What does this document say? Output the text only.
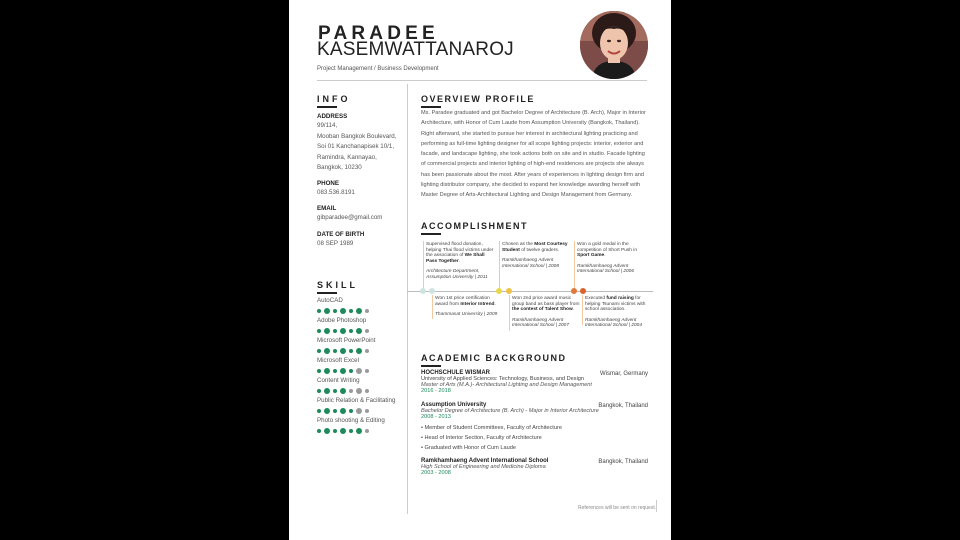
PARADEE
KASEMWATTANAROJ
Project Management / Business Development
INFO
ADDRESS
99/114,
Mooban Bangkok Boulevard,
Soi 01 Kanchanapisek 10/1,
Ramindra, Kannayao,
Bangkok, 10230
PHONE
083.536.8191
EMAIL
gibparadee@gmail.com
DATE OF BIRTH
08 SEP 1989
SKILL
AutoCAD
Adobe Photoshop
Microsoft PowerPoint
Microsoft Excel
Content Writing
Public Relation & Facilitating
Photo shooting & Editing
OVERVIEW PROFILE
Ms. Paradee graduated and got Bachelor Degree of Architecture (B. Arch), Major in Interior Architecture, with Honor of Cum Laude from Assumption University (Bangkok, Thailand). Right afterward, she started to pursue her interest in architectural lighting practicing and performing as full-time lighting designer for all scope lighting projects: interior, exterior and facade, and landscape lighting, she took actions both on site and in studio. Facade lighting of commercial projects and interior lighting of high-end residences are projects she always has been passionate about the most. After years of experiences in lighting design firm and lighting distributor company, she decided to expand her knowledge awarding herself with Master Degree of Arts-Architectural Lighting and Design Management from Germany.
ACCOMPLISHMENT
Supervised flood donation, helping Thai flood victims under the association of We Shall Pass Together.
Architecture Department, Assumption University | 2011
Chosen as the Most Courtesy Student of twelve graders.
Ramkhamhaeng Advent International School | 2008
Won a gold medal in the competition of Short Push in Sport Game.
Ramkhamhaeng Advent International School | 2006
Won 1st price certification award from Interior Intrend.
Thammasat University | 2009
Won 2nd price award music group band as bass player from the contest of Talent Show.
Ramkhamhaeng Advent International School | 2007
Executed fund raising for helping Tsunami victims with school association.
Ramkhamhaeng Advent International School | 2004
ACADEMIC BACKGROUND
Wismar, Germany
HOCHSCHULE WISMAR
University of Applied Sciences: Technology, Business, and Design
Master of Arts (M.A.)- Architectural Lighting and Design Management
2016 - 2018
Bangkok, Thailand
Assumption University
Bachelor Degree of Architecture (B. Arch) - Major in Interior Architecture
2008 - 2013
• Member of Student Committees, Faculty of Architecture
• Head of Interior Section, Faculty of Architecture
• Graduated with Honor of Cum Laude
Bangkok, Thailand
Ramkhamhaeng Advent International School
High School of Engineering and Medicine Diploma
2003 - 2008
References will be sent on request.
